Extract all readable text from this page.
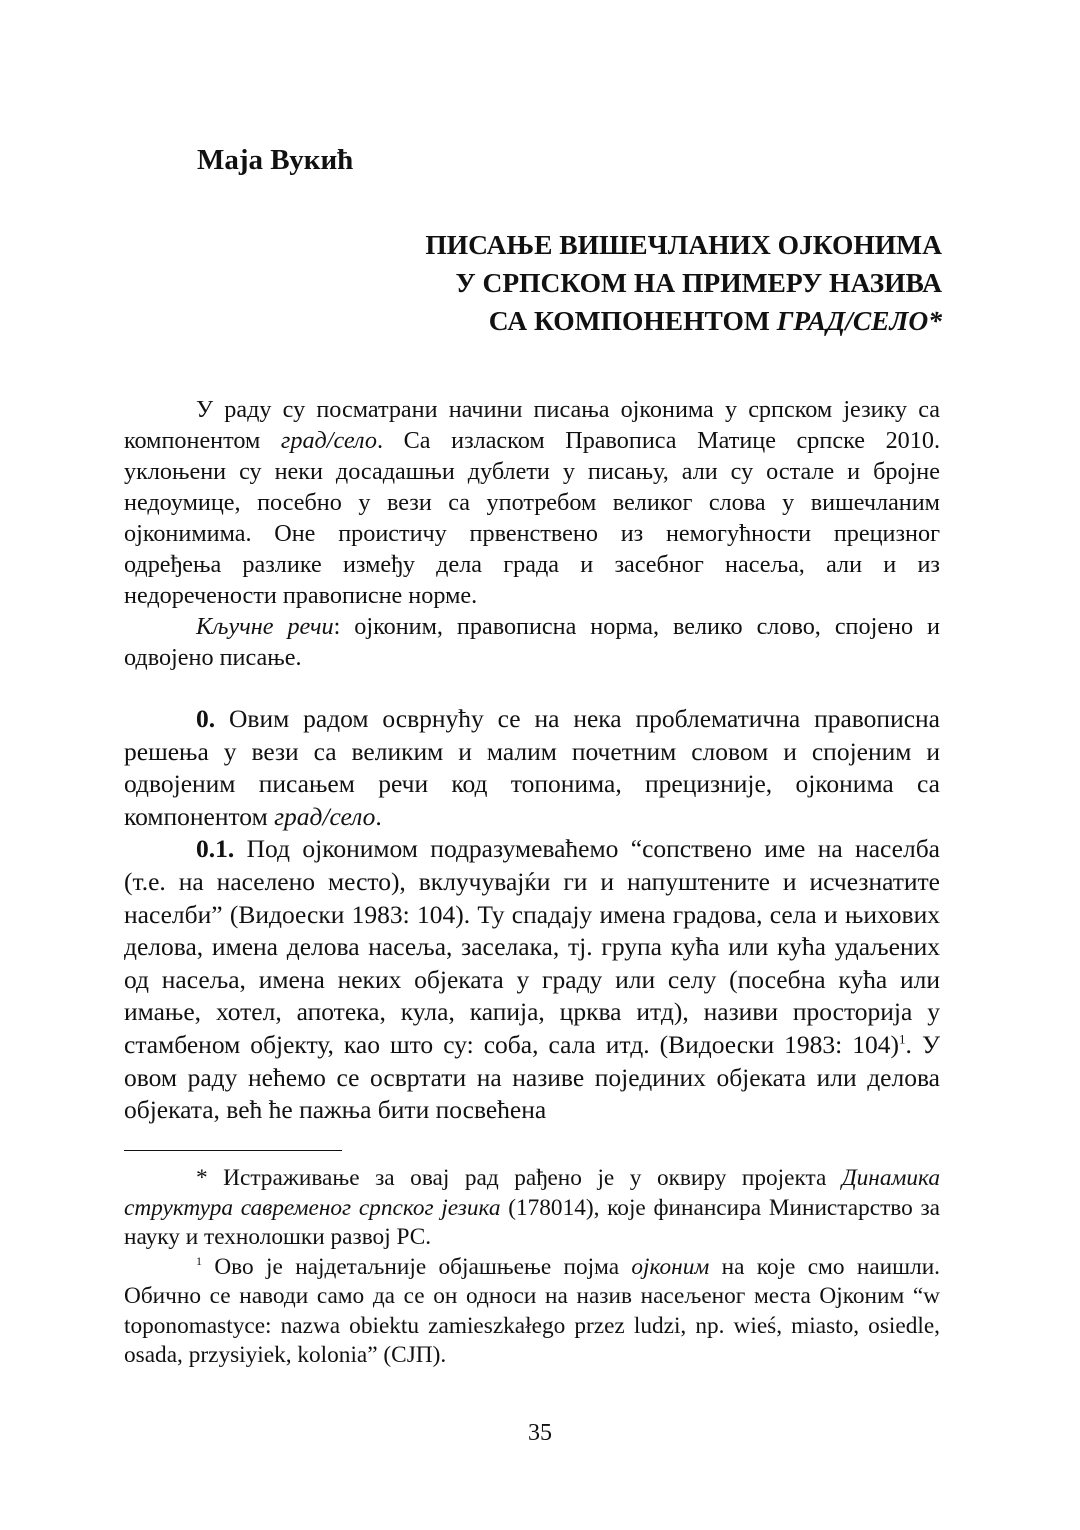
Маја Вукић
ПИСАЊЕ ВИШЕЧЛАНИХ ОЈКОНИМА
У СРПСКОМ НА ПРИМЕРУ НАЗИВА
СА КОМПОНЕНТОМ ГРАД/СЕЛО*

У раду су посматрани начини писања ојконима у српском језику са компонентом град/село. Са изласком Правописа Матице српске 2010. уклоњени су неки досадашњи дублети у писању, али су остале и бројне недоумице, посебно у вези са употребом великог слова у вишечланим ојконимима. Оне проистичу првенствено из немогућности прецизног одређења разлике између дела града и засебног насеља, али и из недоречености правописне норме.

Кључне речи: ојконим, правописна норма, велико слово, спојено и одвојено писање.

0. Овим радом осврнућу се на нека проблематична правописна решења у вези са великим и малим почетним словом и спојеним и одвојеним писањем речи код топонима, прецизније, ојконима са компонентом град/село.

0.1. Под ојконимом подразумеваћемо “сопствено име на населба (т.е. на населено место), вклучувајќи ги и напуштените и исчезнатите населби” (Видоески 1983: 104). Ту спадају имена градова, села и њихових делова, имена делова насеља, заселака, тј. група кућа или кућа удаљених од насеља, имена неких објеката у граду или селу (посебна кућа или имање, хотел, апотека, кула, капија, црква итд), називи просторија у стамбеном објекту, као што су: соба, сала итд. (Видоески 1983: 104)$^1$. У овом раду нећемо се освртати на називе појединих објеката или делова објеката, већ ће пажња бити посвећена

* Истраживање за овај рад рађено је у оквиру пројекта Динамика структура савременог српског језика (178014), које финансира Министарство за науку и технолошки развој РС.

$^1$ Ово је најдетаљније објашњење појма ојконим на које смо наишли. Обично се наводи само да се он односи на назив насељеног места Ојконим “w toponomastyce: nazwa obiektu zamieszkałego przez ludzi, np. wieś, miasto, osiedle, osada, przysiyiek, kolonia” (СЈП).

35
